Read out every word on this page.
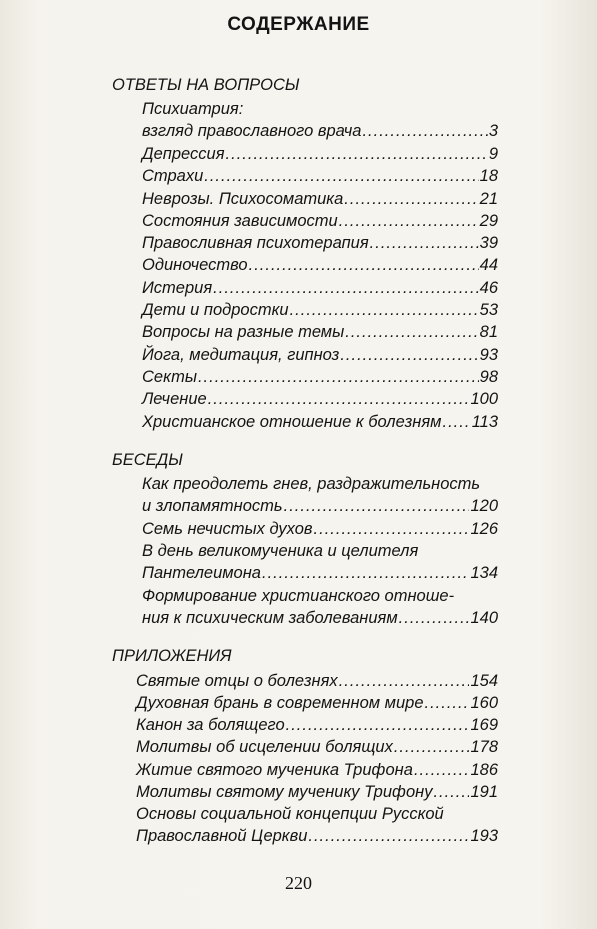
СОДЕРЖАНИЕ
ОТВЕТЫ НА ВОПРОСЫ
Психиатрия:
взгляд православного врача .....	3
Депрессия .....	9
Страхи .....	18
Неврозы. Психосоматика .....	21
Состояния зависимости .....	29
Правосливная психотерапия .....	39
Одиночество .....	44
Истерия .....	46
Дети и подростки .....	53
Вопросы на разные темы .....	81
Йога, медитация, гипноз .....	93
Секты .....	98
Лечение .....	100
Христианское отношение к болезням ..... 113
БЕСЕДЫ
Как преодолеть гнев, раздражительность
и злопамятность .....	120
Семь нечистых духов .....	126
В день великомученика и целителя
Пантелеимона .....	134
Формирование христианского отноше-
ния к психическим заболеваниям .....	140
ПРИЛОЖЕНИЯ
Святые отцы о болезнях .....	154
Духовная брань в современном мире .....	160
Канон за болящего .....	169
Молитвы об исцелении болящих .....	178
Житие святого мученика Трифона .....	186
Молитвы святому мученику Трифону ..... 191
Основы социальной концепции Русской
Православной Церкви .....	193
220
